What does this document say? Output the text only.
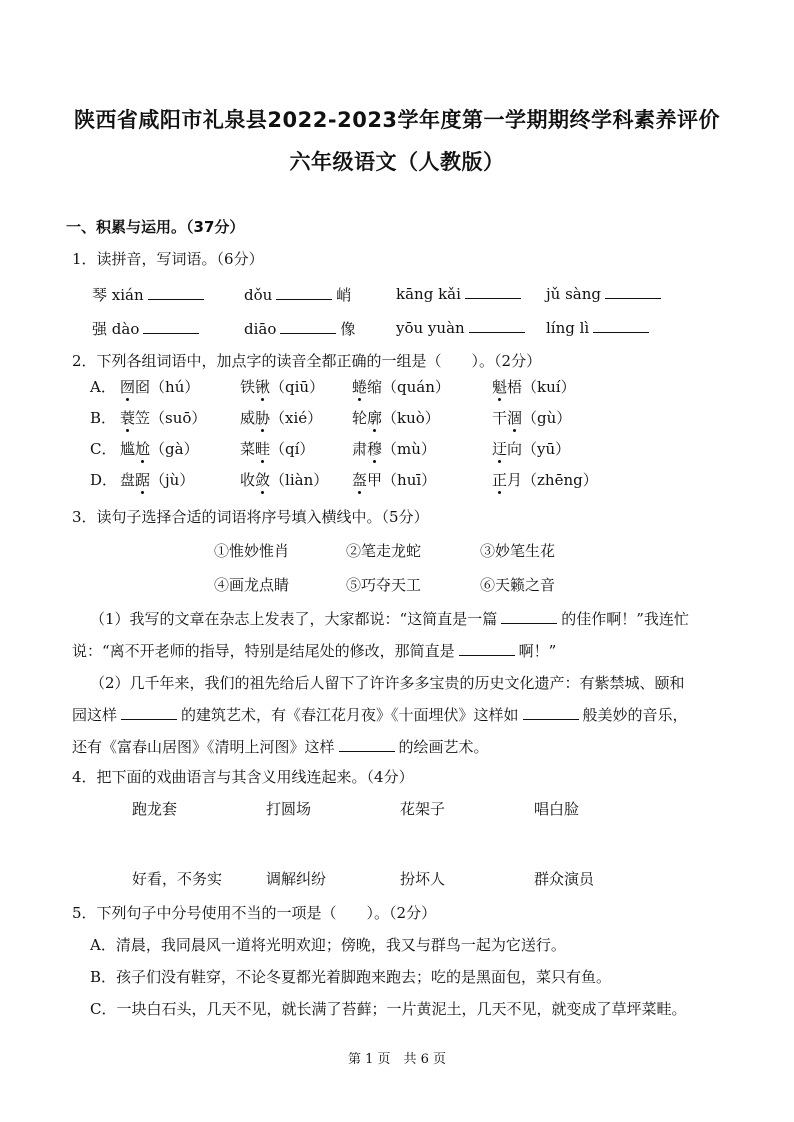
陕西省咸阳市礼泉县2022-2023学年度第一学期期终学科素养评价
六年级语文（人教版）
一、积累与运用。（37分）
1．读拼音，写词语。（6分）
琴 xián	dǒu	峭	kāng kǎi	jǔ sàng
强 dào	diāo	像	yōu yuàn	líng lì
2．下列各组词语中，加点字的读音全都正确的一组是（　　）。（2分）
A． 囫囵（hú）	铁锹（qiū） 蜷缩（quán）	魁梧（kuí）
B． 蓑笠（suō） 威胁（xié） 轮廓（kuò）	干涸（gù）
C． 尴尬（gà）	菜畦（qí）	肃穆（mù）	迂向（yū）
D． 盘踞（jù）	收敛（liàn） 盔甲（huī）	正月（zhēng）
3．读句子选择合适的词语将序号填入横线中。（5分）
①惟妙惟肖	②笔走龙蛇	③妙笔生花
④画龙点睛	⑤巧夺天工	⑥天籁之音
（1）我写的文章在杂志上发表了，大家都说：“这简直是一篇	的佳作啊！”我连忙
说：“离不开老师的指导，特别是结尾处的修改，那简直是	啊！”
（2）几千年来，我们的祖先给后人留下了许许多多宝贵的历史文化遗产：有紫禁城、颐和
园这样	的建筑艺术，有《春江花月夜》《十面埋伏》这样如	般美妙的音乐，
还有《富春山居图》《清明上河图》这样	的绘画艺术。
4．把下面的戏曲语言与其含义用线连起来。（4分）
跑龙套	打圆场	花架子	唱白脸
好看，不务实	调解纠纷	扮坏人	群众演员
5．下列句子中分号使用不当的一项是（　　）。（2分）
A．清晨，我同晨风一道将光明欢迎；傍晚，我又与群鸟一起为它送行。
B．孩子们没有鞋穿，不论冬夏都光着脚跑来跑去；吃的是黑面包，菜只有鱼。
C．一块白石头，几天不见，就长满了苔藓；一片黄泥土，几天不见，就变成了草坪菜畦。
第 1 页　共 6 页
